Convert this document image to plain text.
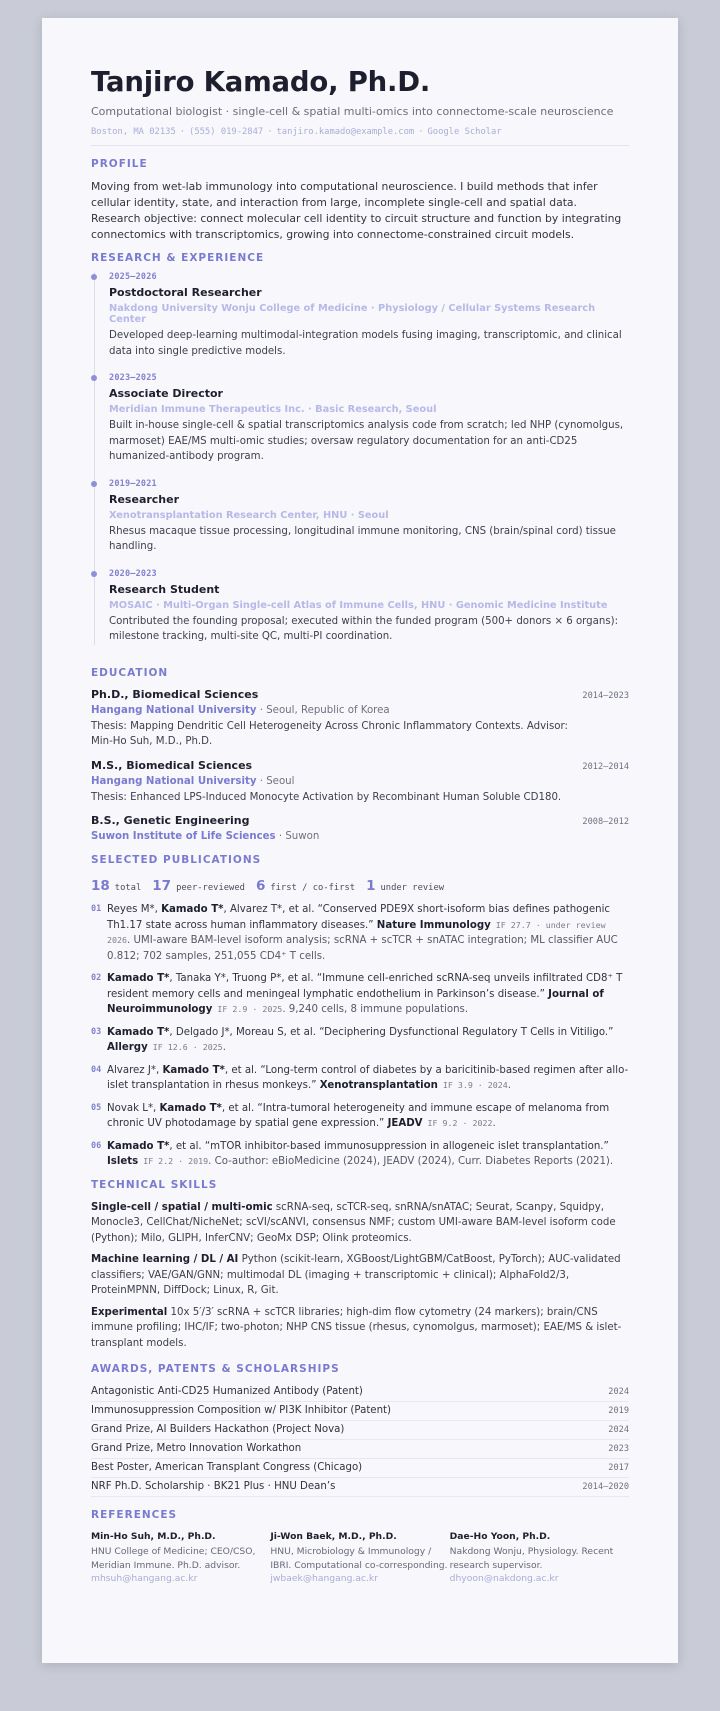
Tanjiro Kamado, Ph.D.
Computational biologist · single-cell & spatial multi-omics into connectome-scale neuroscience
Boston, MA 02135 · (555) 019-2847 · tanjiro.kamado@example.com · Google Scholar
PROFILE
Moving from wet-lab immunology into computational neuroscience. I build methods that infer cellular identity, state, and interaction from large, incomplete single-cell and spatial data. Research objective: connect molecular cell identity to circuit structure and function by integrating connectomics with transcriptomics, growing into connectome-constrained circuit models.
RESEARCH & EXPERIENCE
2025–2026
Postdoctoral Researcher
Nakdong University Wonju College of Medicine · Physiology / Cellular Systems Research Center
Developed deep-learning multimodal-integration models fusing imaging, transcriptomic, and clinical data into single predictive models.
2023–2025
Associate Director
Meridian Immune Therapeutics Inc. · Basic Research, Seoul
Built in-house single-cell & spatial transcriptomics analysis code from scratch; led NHP (cynomolgus, marmoset) EAE/MS multi-omic studies; oversaw regulatory documentation for an anti-CD25 humanized-antibody program.
2019–2021
Researcher
Xenotransplantation Research Center, HNU · Seoul
Rhesus macaque tissue processing, longitudinal immune monitoring, CNS (brain/spinal cord) tissue handling.
2020–2023
Research Student
MOSAIC · Multi-Organ Single-cell Atlas of Immune Cells, HNU · Genomic Medicine Institute
Contributed the founding proposal; executed within the funded program (500+ donors × 6 organs): milestone tracking, multi-site QC, multi-PI coordination.
EDUCATION
Ph.D., Biomedical Sciences	2014–2023
Hangang National University · Seoul, Republic of Korea
Thesis: Mapping Dendritic Cell Heterogeneity Across Chronic Inflammatory Contexts. Advisor: Min-Ho Suh, M.D., Ph.D.
M.S., Biomedical Sciences	2012–2014
Hangang National University · Seoul
Thesis: Enhanced LPS-Induced Monocyte Activation by Recombinant Human Soluble CD180.
B.S., Genetic Engineering	2008–2012
Suwon Institute of Life Sciences · Suwon
SELECTED PUBLICATIONS
18 total 17 peer-reviewed 6 first / co-first 1 under review
01 Reyes M*, Kamado T*, Alvarez T*, et al. “Conserved PDE9X short-isoform bias defines pathogenic Th1.17 state across human inflammatory diseases.” Nature Immunology IF 27.7 · under review 2026. UMI-aware BAM-level isoform analysis; scRNA + scTCR + snATAC integration; ML classifier AUC 0.812; 702 samples, 251,055 CD4⁺ T cells.
02 Kamado T*, Tanaka Y*, Truong P*, et al. “Immune cell-enriched scRNA-seq unveils infiltrated CD8⁺ T resident memory cells and meningeal lymphatic endothelium in Parkinson’s disease.” Journal of Neuroimmunology IF 2.9 · 2025. 9,240 cells, 8 immune populations.
03 Kamado T*, Delgado J*, Moreau S, et al. “Deciphering Dysfunctional Regulatory T Cells in Vitiligo.” Allergy IF 12.6 · 2025.
04 Alvarez J*, Kamado T*, et al. “Long-term control of diabetes by a baricitinib-based regimen after allo-islet transplantation in rhesus monkeys.” Xenotransplantation IF 3.9 · 2024.
05 Novak L*, Kamado T*, et al. “Intra-tumoral heterogeneity and immune escape of melanoma from chronic UV photodamage by spatial gene expression.” JEADV IF 9.2 · 2022.
06 Kamado T*, et al. “mTOR inhibitor-based immunosuppression in allogeneic islet transplantation.” Islets IF 2.2 · 2019. Co-author: eBioMedicine (2024), JEADV (2024), Curr. Diabetes Reports (2021).
TECHNICAL SKILLS
Single-cell / spatial / multi-omic scRNA-seq, scTCR-seq, snRNA/snATAC; Seurat, Scanpy, Squidpy, Monocle3, CellChat/NicheNet; scVI/scANVI, consensus NMF; custom UMI-aware BAM-level isoform code (Python); Milo, GLIPH, InferCNV; GeoMx DSP; Olink proteomics.
Machine learning / DL / AI Python (scikit-learn, XGBoost/LightGBM/CatBoost, PyTorch); AUC-validated classifiers; VAE/GAN/GNN; multimodal DL (imaging + transcriptomic + clinical); AlphaFold2/3, ProteinMPNN, DiffDock; Linux, R, Git.
Experimental 10x 5′/3′ scRNA + scTCR libraries; high-dim flow cytometry (24 markers); brain/CNS immune profiling; IHC/IF; two-photon; NHP CNS tissue (rhesus, cynomolgus, marmoset); EAE/MS & islet-transplant models.
AWARDS, PATENTS & SCHOLARSHIPS
Antagonistic Anti-CD25 Humanized Antibody (Patent)	2024
Immunosuppression Composition w/ PI3K Inhibitor (Patent)	2019
Grand Prize, AI Builders Hackathon (Project Nova)	2024
Grand Prize, Metro Innovation Workathon	2023
Best Poster, American Transplant Congress (Chicago)	2017
NRF Ph.D. Scholarship · BK21 Plus · HNU Dean’s	2014–2020
REFERENCES
Min-Ho Suh, M.D., Ph.D.
HNU College of Medicine; CEO/CSO, Meridian Immune. Ph.D. advisor.
mhsuh@hangang.ac.kr
Ji-Won Baek, M.D., Ph.D.
HNU, Microbiology & Immunology / IBRI. Computational co-corresponding.
jwbaek@hangang.ac.kr
Dae-Ho Yoon, Ph.D.
Nakdong Wonju, Physiology. Recent research supervisor.
dhyoon@nakdong.ac.kr
